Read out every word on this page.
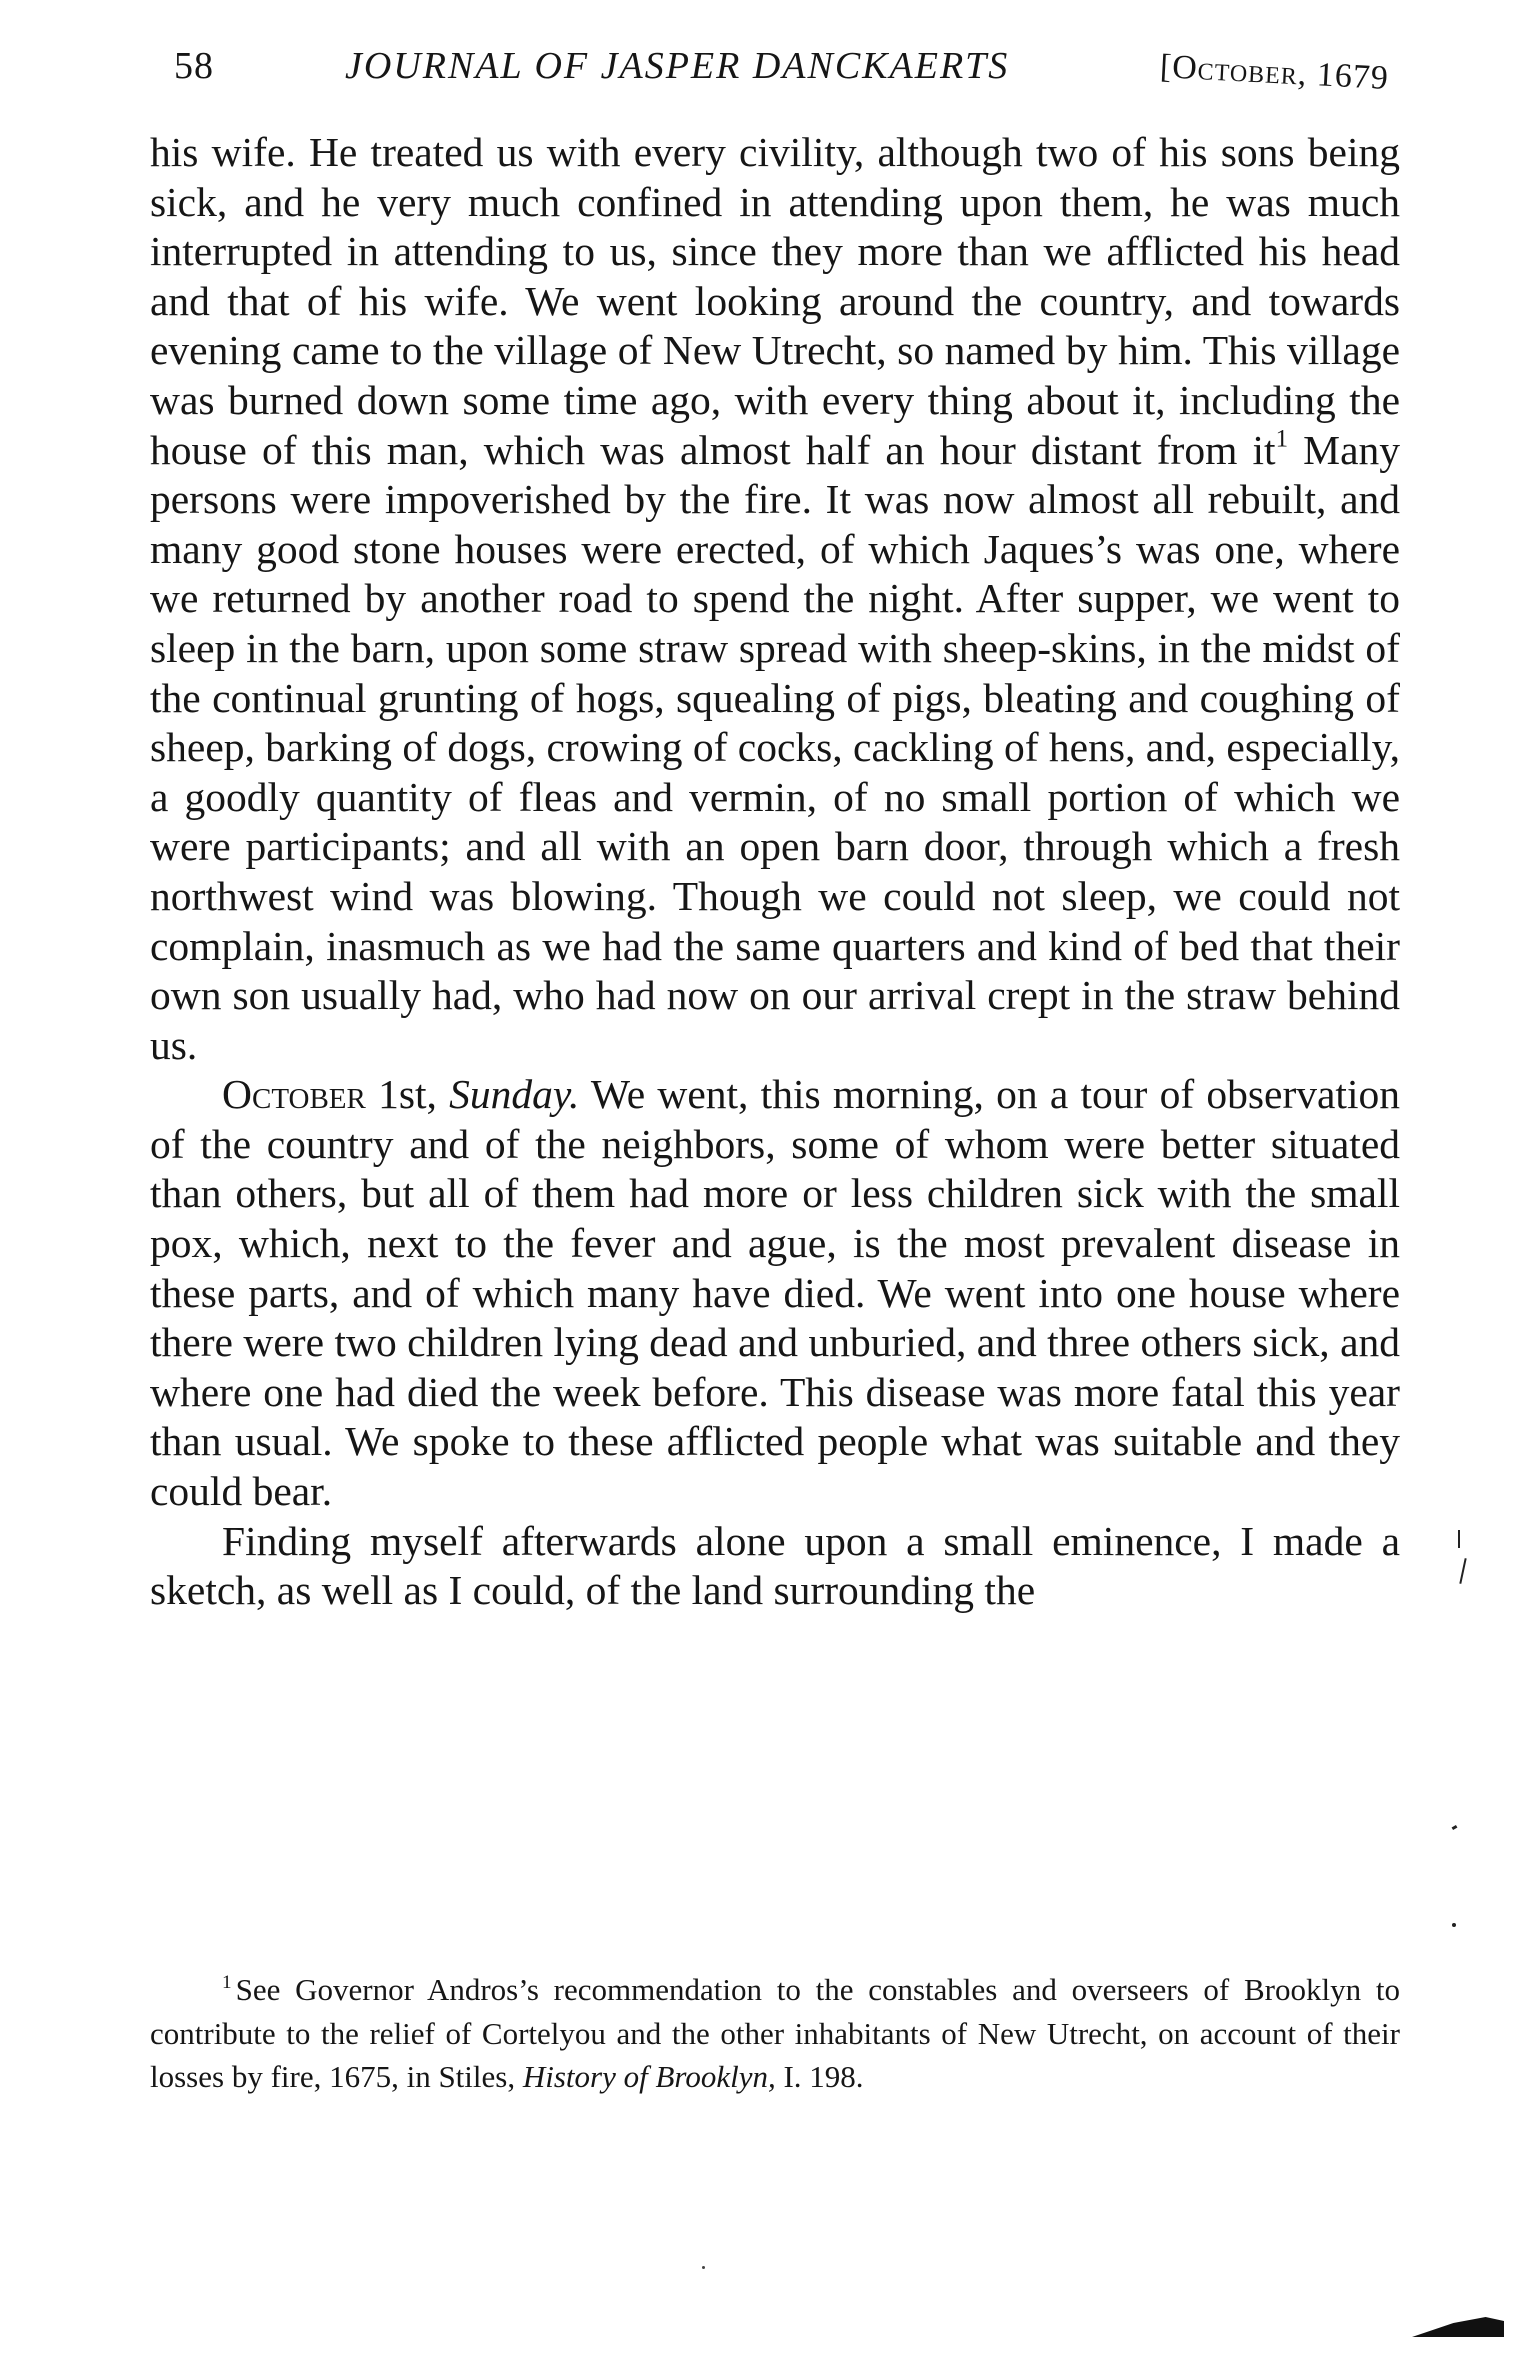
58	JOURNAL OF JASPER DANCKAERTS	[October, 1679

his wife. He treated us with every civility, although two of his sons being sick, and he very much confined in attending upon them, he was much interrupted in attending to us, since they more than we afflicted his head and that of his wife. We went looking around the country, and towards evening came to the village of New Utrecht, so named by him. This village was burned down some time ago, with every thing about it, including the house of this man, which was almost half an hour distant from $it^1$ Many persons were impoverished by the fire. It was now almost all rebuilt, and many good stone houses were erected, of which Jaques’s was one, where we returned by another road to spend the night. After supper, we went to sleep in the barn, upon some straw spread with sheep-skins, in the midst of the continual grunting of hogs, squealing of pigs, bleating and coughing of sheep, barking of dogs, crowing of cocks, cackling of hens, and, especially, a goodly quantity of fleas and vermin, of no small portion of which we were participants; and all with an open barn door, through which a fresh northwest wind was blowing. Though we could not sleep, we could not complain, inasmuch as we had the same quarters and kind of bed that their own son usually had, who had now on our arrival crept in the straw behind us.

October 1st, Sunday. We went, this morning, on a tour of observation of the country and of the neighbors, some of whom were better situated than others, but all of them had more or less children sick with the small pox, which, next to the fever and ague, is the most prevalent disease in these parts, and of which many have died. We went into one house where there were two children lying dead and unburied, and three others sick, and where one had died the week before. This disease was more fatal this year than usual. We spoke to these afflicted people what was suitable and they could bear.

Finding myself afterwards alone upon a small eminence, I made a sketch, as well as I could, of the land surrounding the

$^1$ See Governor Andros’s recommendation to the constables and overseers of Brooklyn to contribute to the relief of Cortelyou and the other inhabitants of New Utrecht, on account of their losses by fire, 1675, in Stiles, History of Brooklyn, I. 198.
